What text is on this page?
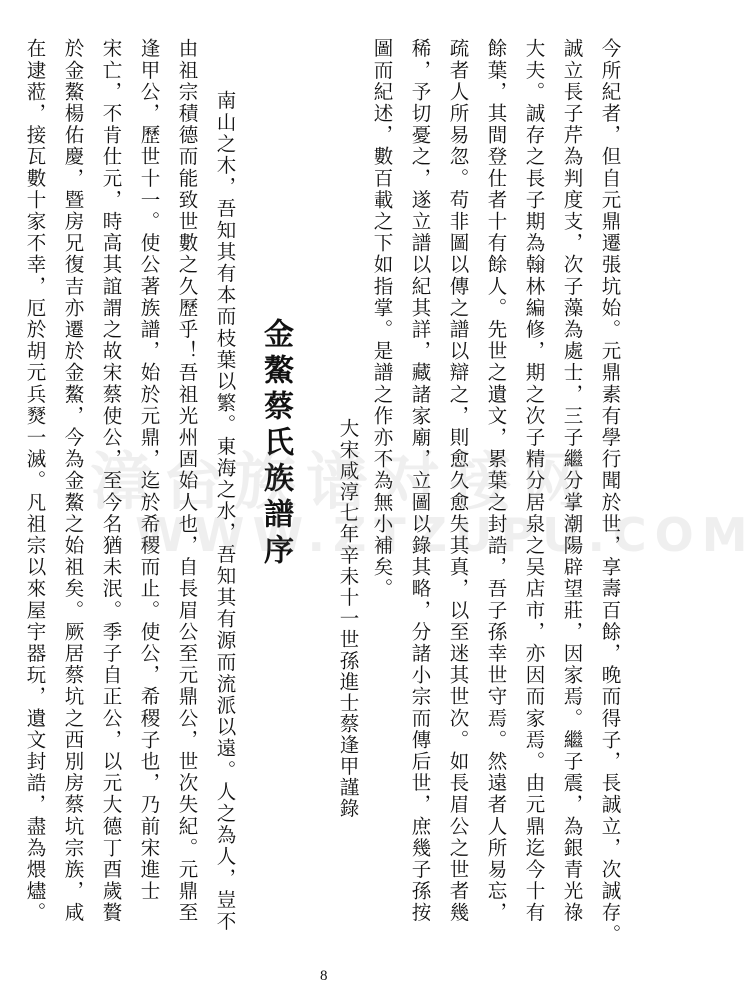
今所紀者，但自元鼎遷張坑始。元鼎素有學行聞於世，享壽百餘，晚而得子，長誠立，次誠存。
誠立長子芹為判度支，次子藻為處士，三子繼分掌潮陽辟望莊，因家焉。繼子震，為銀青光祿
大夫。誠存之長子期為翰林編修，期之次子精分居泉之吴店市，亦因而家焉。由元鼎迄今十有
餘葉，其間登仕者十有餘人。先世之遺文，累葉之封誥，吾子孫幸世守焉。然遠者人所易忘，
疏者人所易忽。苟非圖以傳之譜以辯之，則愈久愈失其真，以至迷其世次。如長眉公之世者幾
稀，予切憂之，遂立譜以紀其詳，藏諸家廟，立圖以錄其略，分諸小宗而傳后世，庶幾子孫按
圖而紀述，數百載之下如指掌。是譜之作亦不為無小補矣。
大宋咸淳七年辛未十一世孫進士蔡逢甲謹錄
金鰲蔡氏族譜序
南山之木，吾知其有本而枝葉以繁。東海之水，吾知其有源而流派以遠。人之為人，豈不
由祖宗積德而能致世數之久歷乎！吾祖光州固始人也，自長眉公至元鼎公，世次失紀。元鼎至
逢甲公，歷世十一。使公著族譜，始於元鼎，迄於希稷而止。使公，希稷子也，乃前宋進士
宋亡，不肯仕元，時高其誼謂之故宋蔡使公，至今名猶未泯。季子自正公，以元大德丁酉歲贅
於金鰲楊佑慶，暨房兄復吉亦遷於金鰲，今為金鰲之始祖矣。厥居蔡坑之西別房蔡坑宗族，咸
在逮蒞，接瓦數十家不幸，厄於胡元兵燹一滅。凡祖宗以來屋宇器玩，遺文封誥，盡為煨燼。 漳台族谱对接网
WWW.ZTZUPU.COM
8
